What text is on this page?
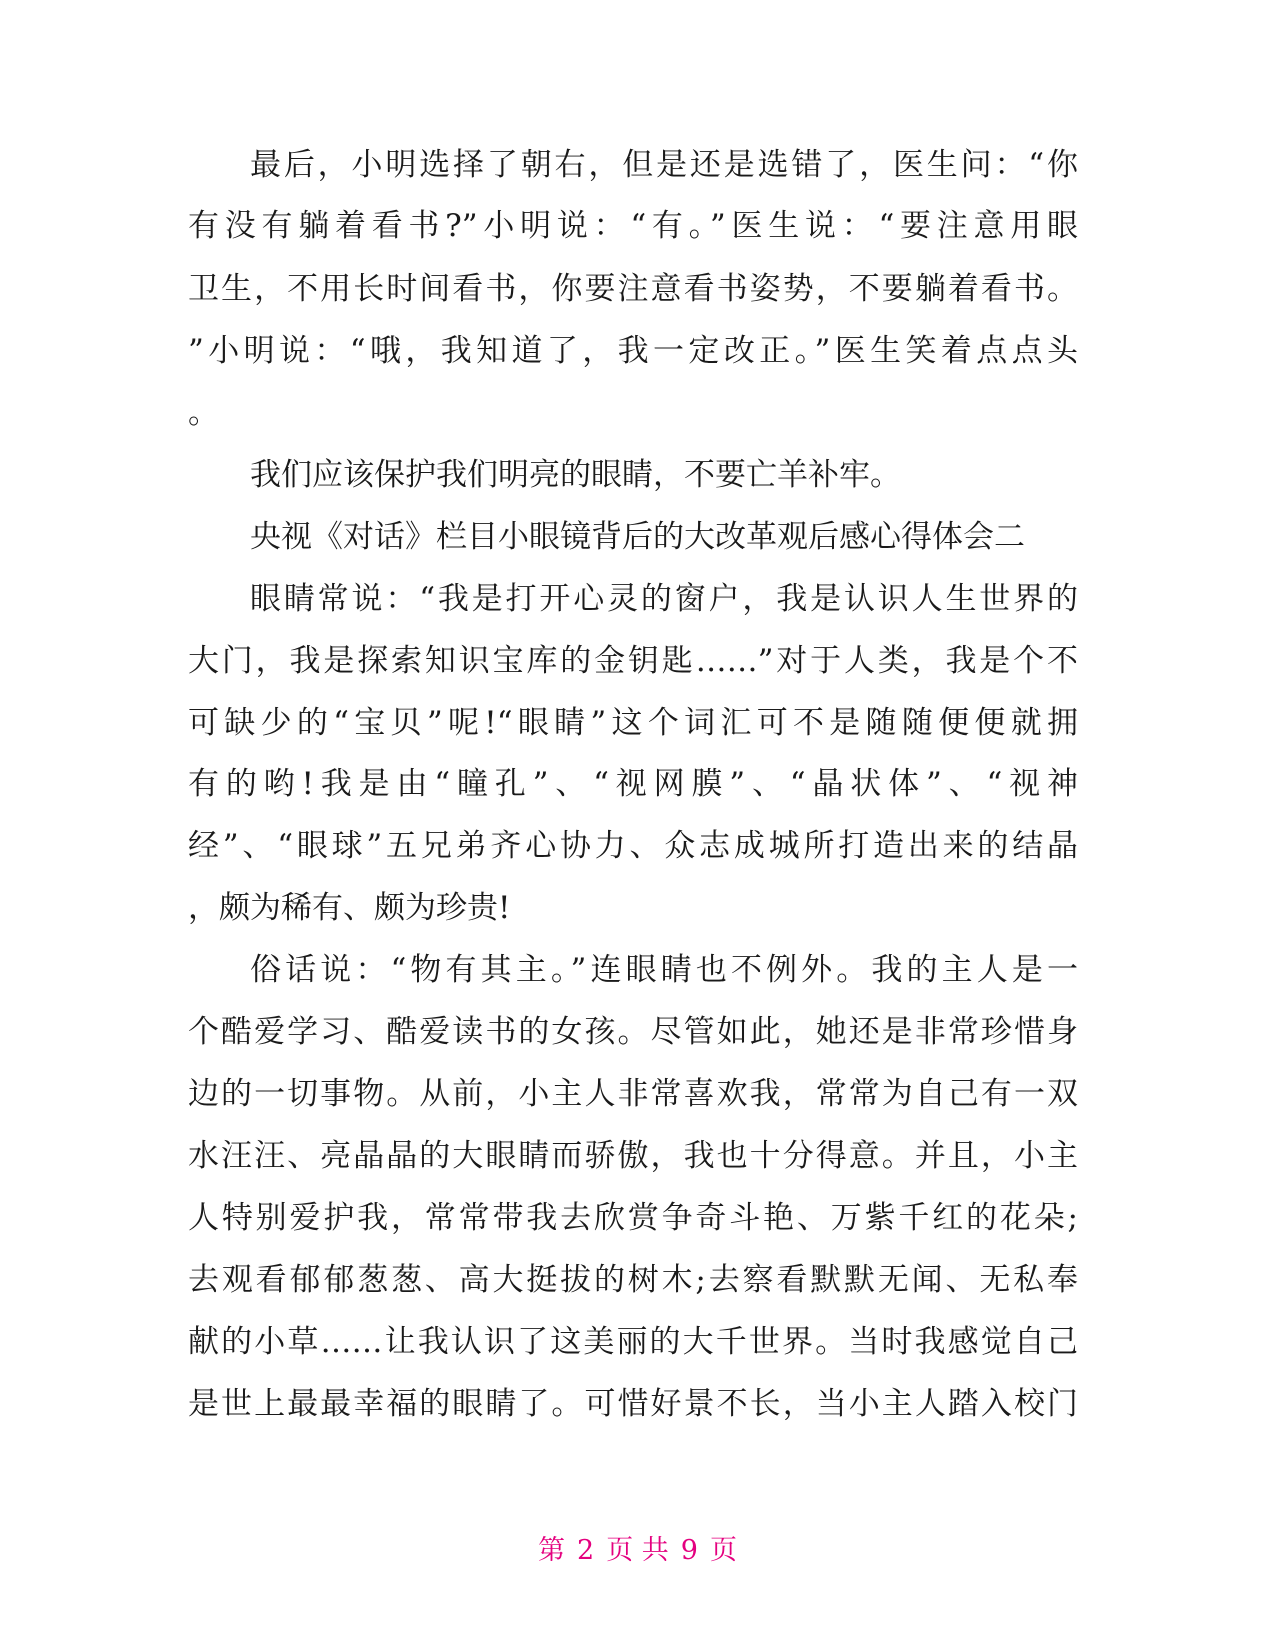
最后，小明选择了朝右，但是还是选错了，医生问：“你
有没有躺着看书?”小明说：“有。”医生说：“要注意用眼
卫生，不用长时间看书，你要注意看书姿势，不要躺着看书。
”小明说：“哦，我知道了，我一定改正。”医生笑着点点头
。
我们应该保护我们明亮的眼睛，不要亡羊补牢。
央视《对话》栏目小眼镜背后的大改革观后感心得体会二
眼睛常说：“我是打开心灵的窗户，我是认识人生世界的
大门，我是探索知识宝库的金钥匙……”对于人类，我是个不
可缺少的“宝贝”呢!“眼睛”这个词汇可不是随随便便就拥
有的哟!我是由“瞳孔”、“视网膜”、“晶状体”、“视神
经”、“眼球”五兄弟齐心协力、众志成城所打造出来的结晶
，颇为稀有、颇为珍贵!
俗话说：“物有其主。”连眼睛也不例外。我的主人是一
个酷爱学习、酷爱读书的女孩。尽管如此，她还是非常珍惜身
边的一切事物。从前，小主人非常喜欢我，常常为自己有一双
水汪汪、亮晶晶的大眼睛而骄傲，我也十分得意。并且，小主
人特别爱护我，常常带我去欣赏争奇斗艳、万紫千红的花朵;
去观看郁郁葱葱、高大挺拔的树木;去察看默默无闻、无私奉
献的小草……让我认识了这美丽的大千世界。当时我感觉自己
是世上最最幸福的眼睛了。可惜好景不长，当小主人踏入校门
第 2 页 共 9 页
